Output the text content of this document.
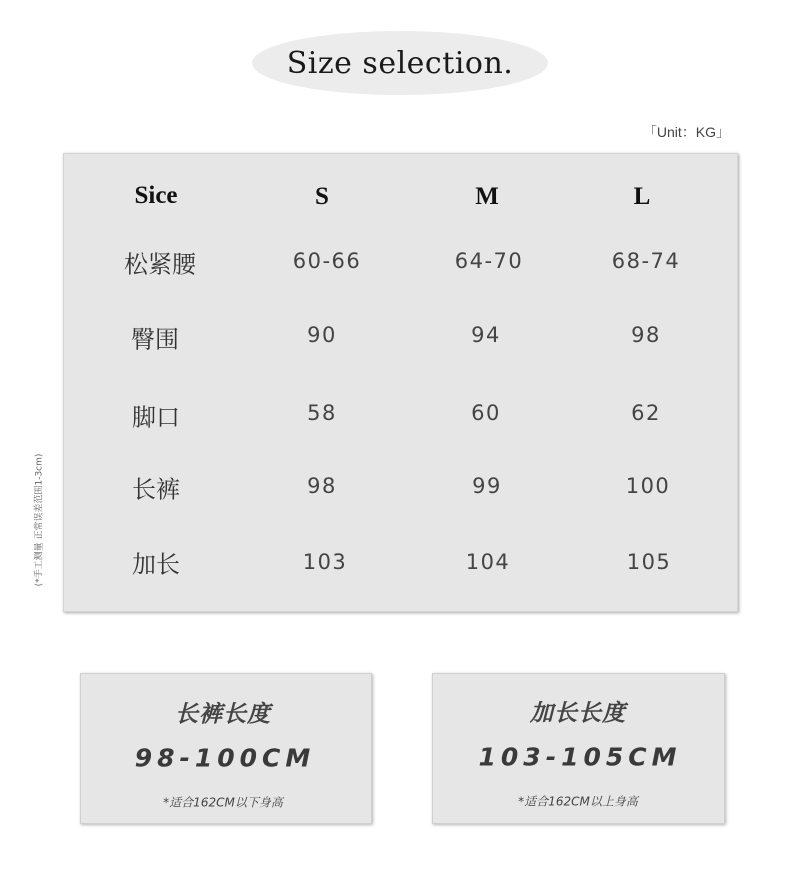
Size selection.
「Unit：KG」
(*手工测量 正常误差范围1-3cm)
Sice	S	M	L
松紧腰	60-66	64-70	68-74
臀围	90	94	98
脚口	58	60	62
长裤	98	99	100
加长	103	104	105
长裤长度
98-100CM
*适合162CM以下身高
加长长度
103-105CM
*适合162CM以上身高
